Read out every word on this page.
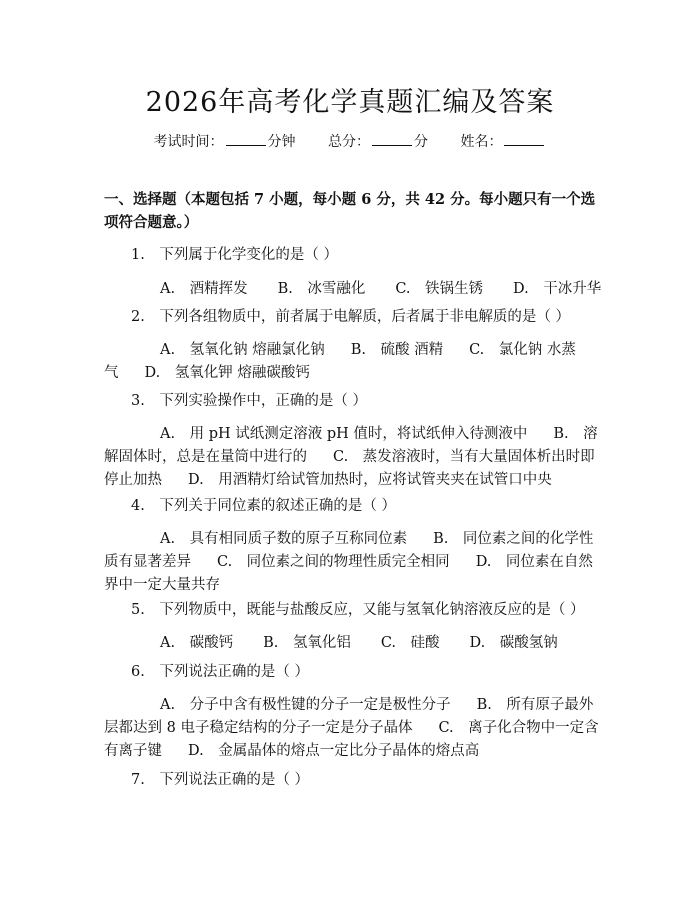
2026年高考化学真题汇编及答案
考试时间：	分钟 总分：	分 姓名：
一、选择题（本题包括 7 小题，每小题 6 分，共 42 分。每小题只有一个选项符合题意。）
1.　下列属于化学变化的是（ ）
A.　酒精挥发 B.　冰雪融化 C.　铁锅生锈 D.　干冰升华
2.　下列各组物质中，前者属于电解质，后者属于非电解质的是（ ）
A.　氢氧化钠 熔融氯化钠 B.　硫酸 酒精 C.　氯化钠 水蒸气 D.　氢氧化钾 熔融碳酸钙
3.　下列实验操作中，正确的是（ ）
A.　用 pH 试纸测定溶液 pH 值时，将试纸伸入待测液中 B.　溶解固体时，总是在量筒中进行的 C.　蒸发溶液时，当有大量固体析出时即停止加热 D.　用酒精灯给试管加热时，应将试管夹夹在试管口中央
4.　下列关于同位素的叙述正确的是（ ）
A.　具有相同质子数的原子互称同位素 B.　同位素之间的化学性质有显著差异 C.　同位素之间的物理性质完全相同 D.　同位素在自然界中一定大量共存
5.　下列物质中，既能与盐酸反应，又能与氢氧化钠溶液反应的是（ ）
A.　碳酸钙 B.　氢氧化铝 C.　硅酸 D.　碳酸氢钠
6.　下列说法正确的是（ ）
A.　分子中含有极性键的分子一定是极性分子 B.　所有原子最外层都达到 8 电子稳定结构的分子一定是分子晶体 C.　离子化合物中一定含有离子键 D.　金属晶体的熔点一定比分子晶体的熔点高
7.　下列说法正确的是（ ）
